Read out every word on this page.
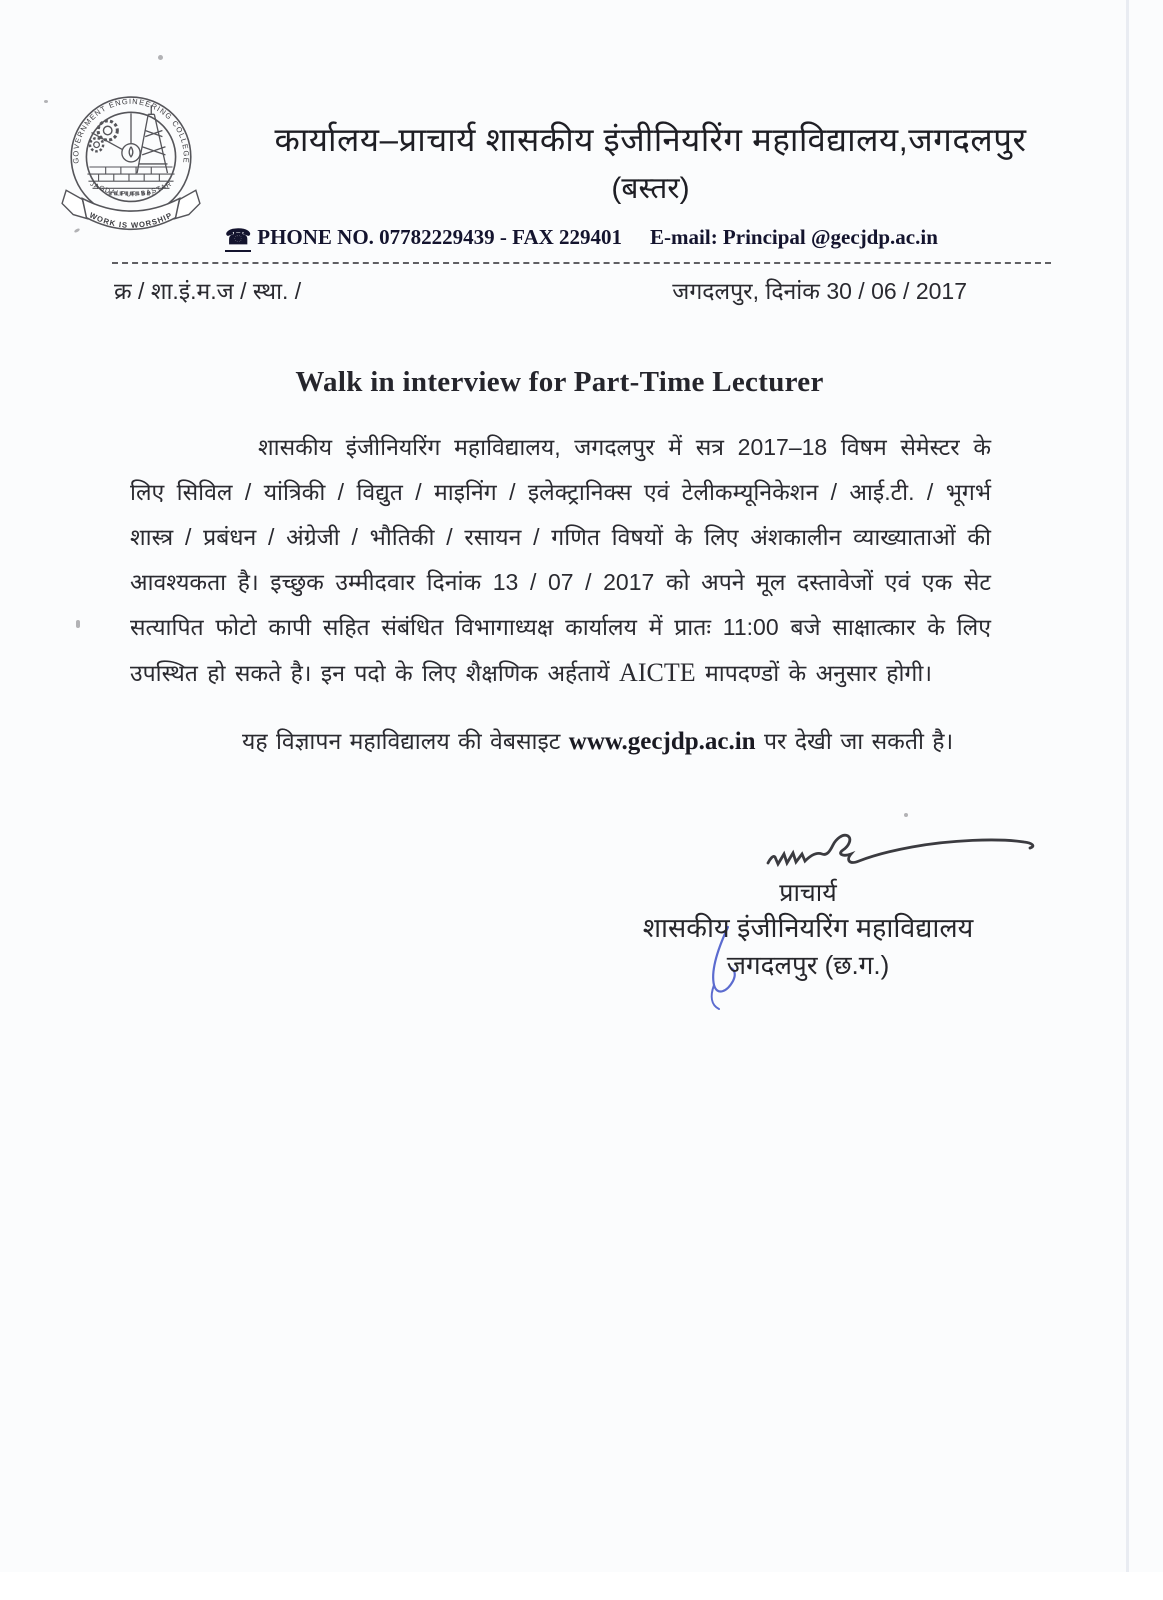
GOVERNMENT ENGINEERING COLLEGE
JAGDALPUR-BASTAR
WORK IS WORSHIP
कार्यालय–प्राचार्य शासकीय इंजीनियरिंग महाविद्यालय,जगदलपुर
(बस्तर)
☎ PHONE NO. 07782229439 - FAX 229401 E-mail: Principal @gecjdp.ac.in
क्र / शा.इं.म.ज / स्था. /	जगदलपुर, दिनांक 30 / 06 / 2017
Walk in interview for Part-Time Lecturer

शासकीय इंजीनियरिंग महाविद्यालय, जगदलपुर में सत्र 2017–18 विषम सेमेस्टर के लिए सिविल / यांत्रिकी / विद्युत / माइनिंग / इलेक्ट्रानिक्स एवं टेलीकम्यूनिकेशन / आई.टी. / भूगर्भ शास्त्र / प्रबंधन / अंग्रेजी / भौतिकी / रसायन / गणित विषयों के लिए अंशकालीन व्याख्याताओं की आवश्यकता है। इच्छुक उम्मीदवार दिनांक 13 / 07 / 2017 को अपने मूल दस्तावेजों एवं एक सेट सत्यापित फोटो कापी सहित संबंधित विभागाध्यक्ष कार्यालय में प्रातः 11:00 बजे साक्षात्कार के लिए उपस्थित हो सकते है। इन पदो के लिए शैक्षणिक अर्हतायें AICTE मापदण्डों के अनुसार होगी।

यह विज्ञापन महाविद्यालय की वेबसाइट www.gecjdp.ac.in पर देखी जा सकती है।

प्राचार्य
शासकीय इंजीनियरिंग महाविद्यालय
जगदलपुर (छ.ग.)
